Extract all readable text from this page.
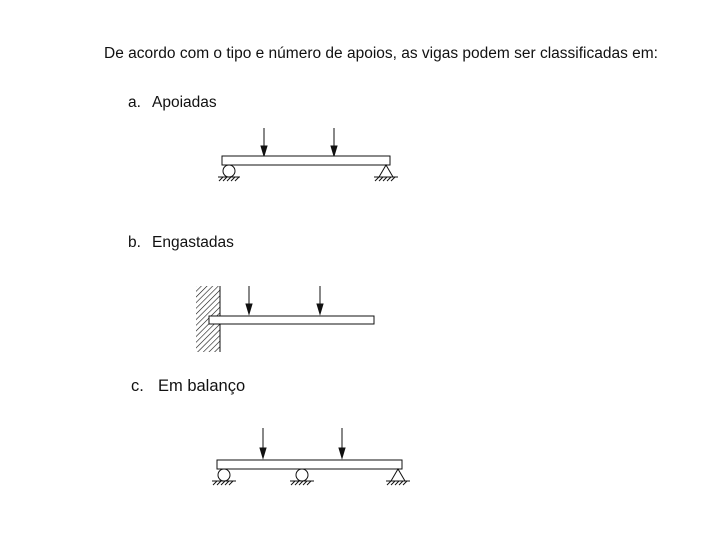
De acordo com o tipo e número de apoios, as vigas podem ser classificadas em:

a. Apoiadas
b. Engastadas
c. Em balanço
